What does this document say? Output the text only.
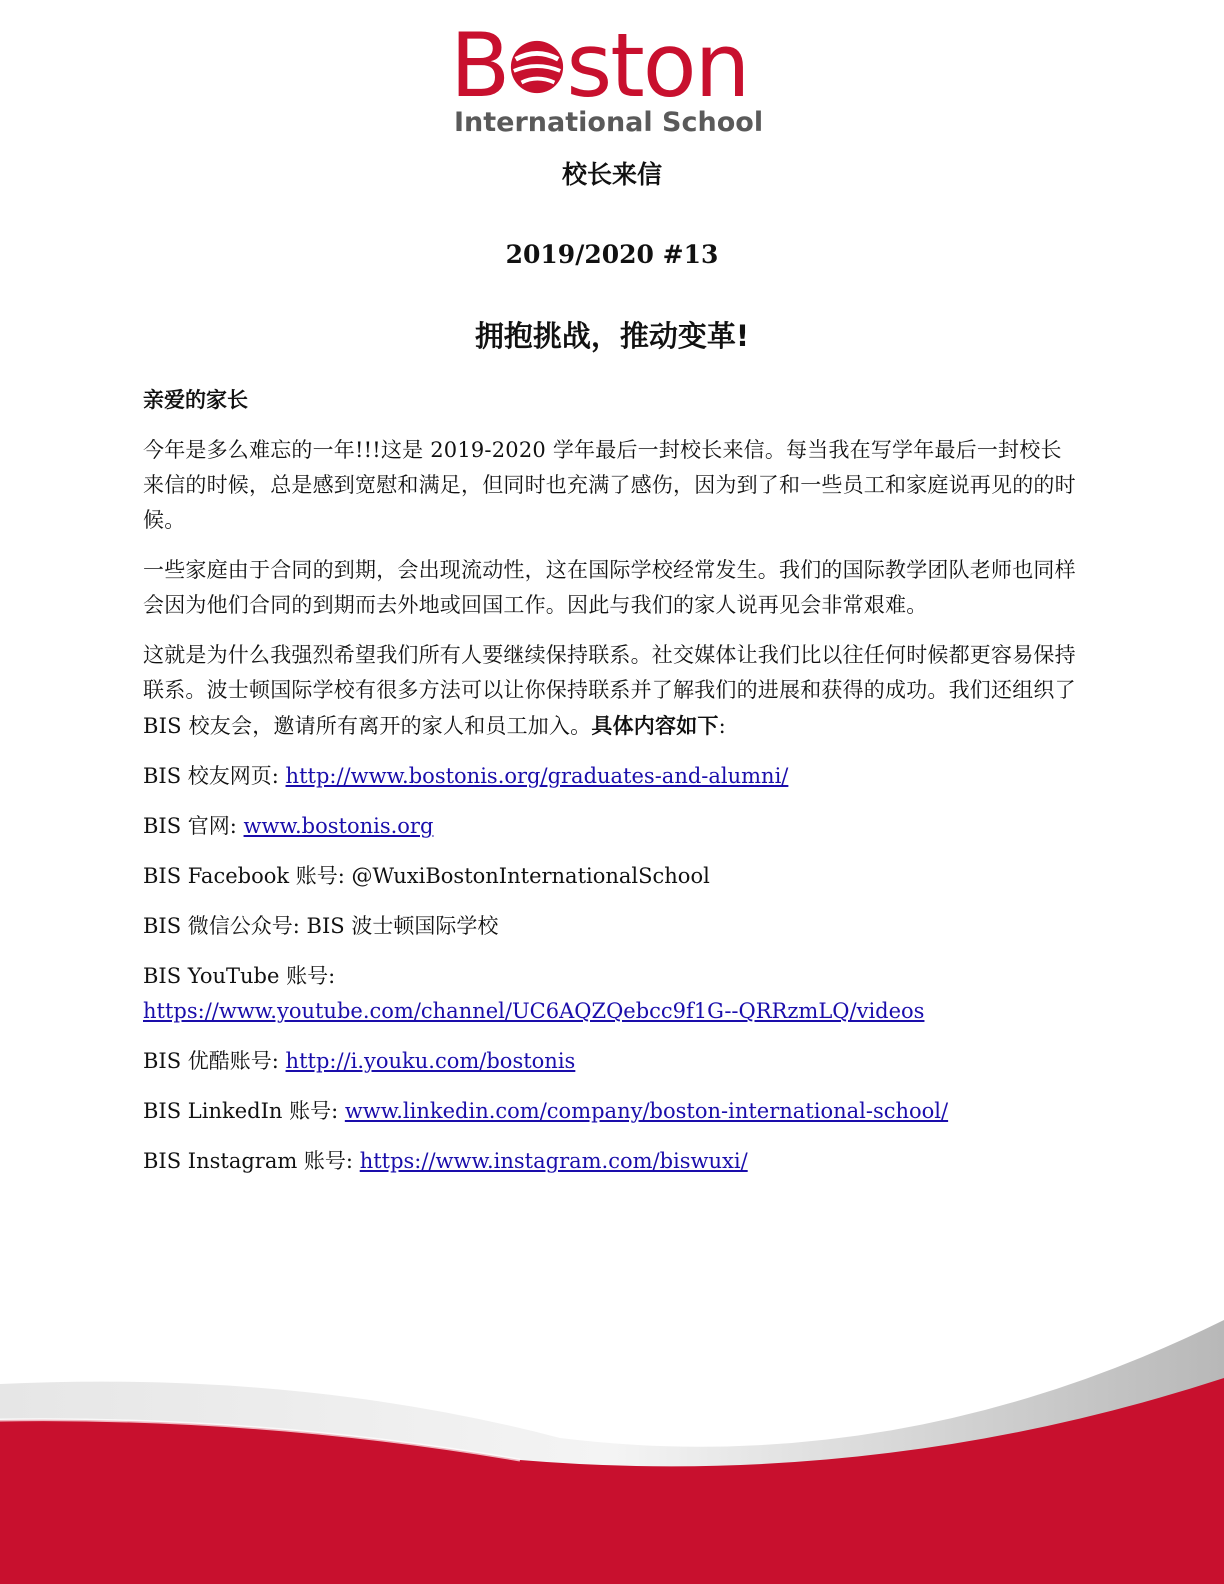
B ston
International School
校长来信
2019/2020 #13
拥抱挑战，推动变革!

亲爱的家长

今年是多么难忘的一年!!!这是 2019-2020 学年最后一封校长来信。每当我在写学年最后一封校长来信的时候，总是感到宽慰和满足，但同时也充满了感伤，因为到了和一些员工和家庭说再见的的时候。

一些家庭由于合同的到期，会出现流动性，这在国际学校经常发生。我们的国际教学团队老师也同样会因为他们合同的到期而去外地或回国工作。因此与我们的家人说再见会非常艰难。

这就是为什么我强烈希望我们所有人要继续保持联系。社交媒体让我们比以往任何时候都更容易保持联系。波士顿国际学校有很多方法可以让你保持联系并了解我们的进展和获得的成功。我们还组织了 BIS 校友会，邀请所有离开的家人和员工加入。具体内容如下:

BIS 校友网页: http://www.bostonis.org/graduates-and-alumni/

BIS 官网: www.bostonis.org

BIS Facebook 账号: @WuxiBostonInternationalSchool

BIS 微信公众号: BIS 波士顿国际学校

BIS YouTube 账号:
https://www.youtube.com/channel/UC6AQZQebcc9f1G--QRRzmLQ/videos

BIS 优酷账号: http://i.youku.com/bostonis

BIS LinkedIn 账号: www.linkedin.com/company/boston-international-school/

BIS Instagram 账号: https://www.instagram.com/biswuxi/
